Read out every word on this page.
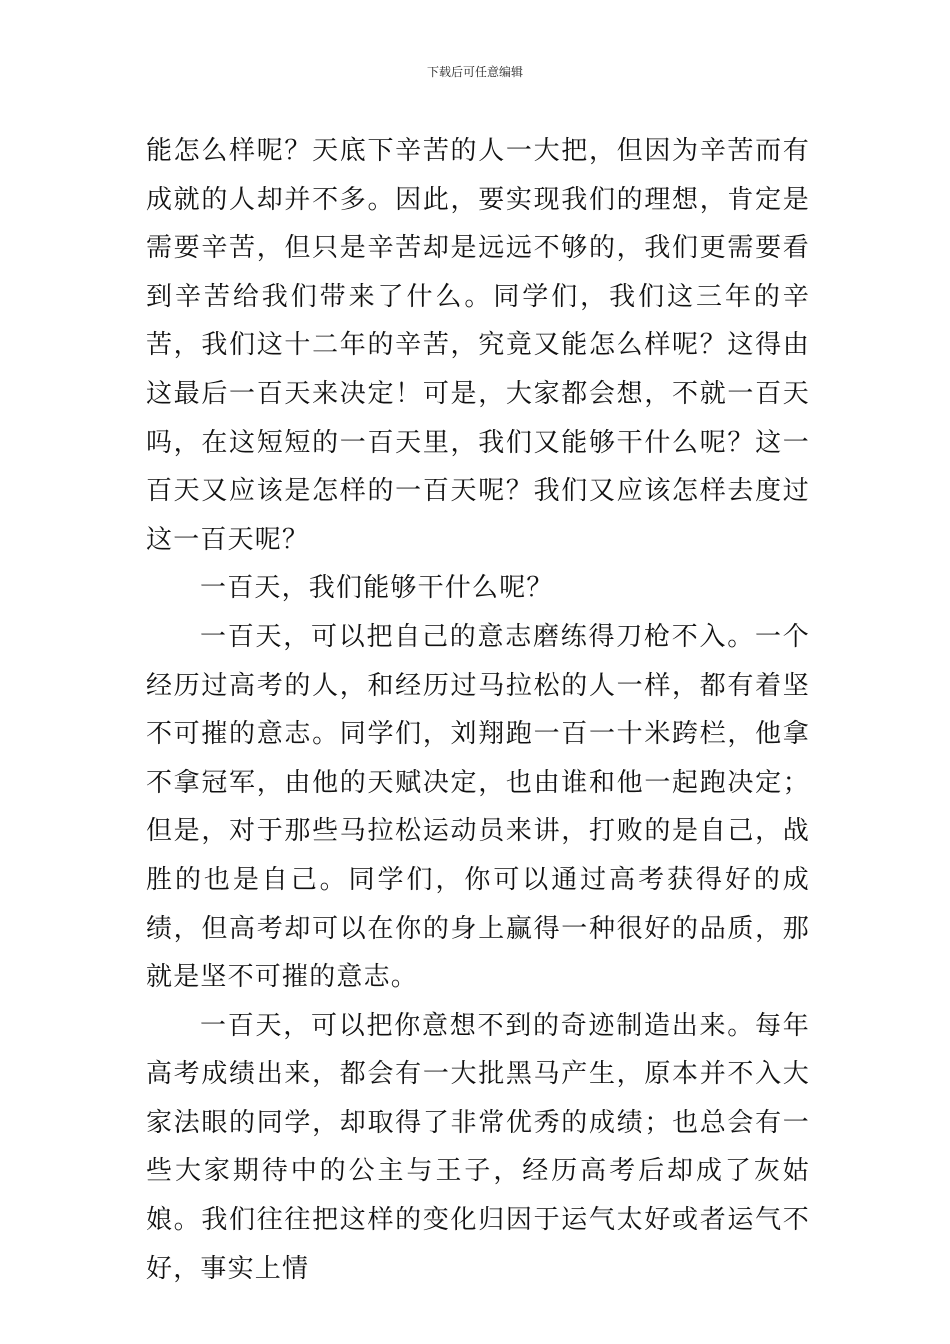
下载后可任意编辑

能怎么样呢？天底下辛苦的人一大把，但因为辛苦而有成就的人却并不多。因此，要实现我们的理想，肯定是需要辛苦，但只是辛苦却是远远不够的，我们更需要看到辛苦给我们带来了什么。同学们，我们这三年的辛苦，我们这十二年的辛苦，究竟又能怎么样呢？这得由这最后一百天来决定！可是，大家都会想，不就一百天吗，在这短短的一百天里，我们又能够干什么呢？这一百天又应该是怎样的一百天呢？我们又应该怎样去度过这一百天呢？

一百天，我们能够干什么呢？

一百天，可以把自己的意志磨练得刀枪不入。一个经历过高考的人，和经历过马拉松的人一样，都有着坚不可摧的意志。同学们，刘翔跑一百一十米跨栏，他拿不拿冠军，由他的天赋决定，也由谁和他一起跑决定；但是，对于那些马拉松运动员来讲，打败的是自己，战胜的也是自己。同学们，你可以通过高考获得好的成绩，但高考却可以在你的身上赢得一种很好的品质，那就是坚不可摧的意志。

一百天，可以把你意想不到的奇迹制造出来。每年高考成绩出来，都会有一大批黑马产生，原本并不入大家法眼的同学，却取得了非常优秀的成绩；也总会有一些大家期待中的公主与王子，经历高考后却成了灰姑娘。我们往往把这样的变化归因于运气太好或者运气不好，事实上情
